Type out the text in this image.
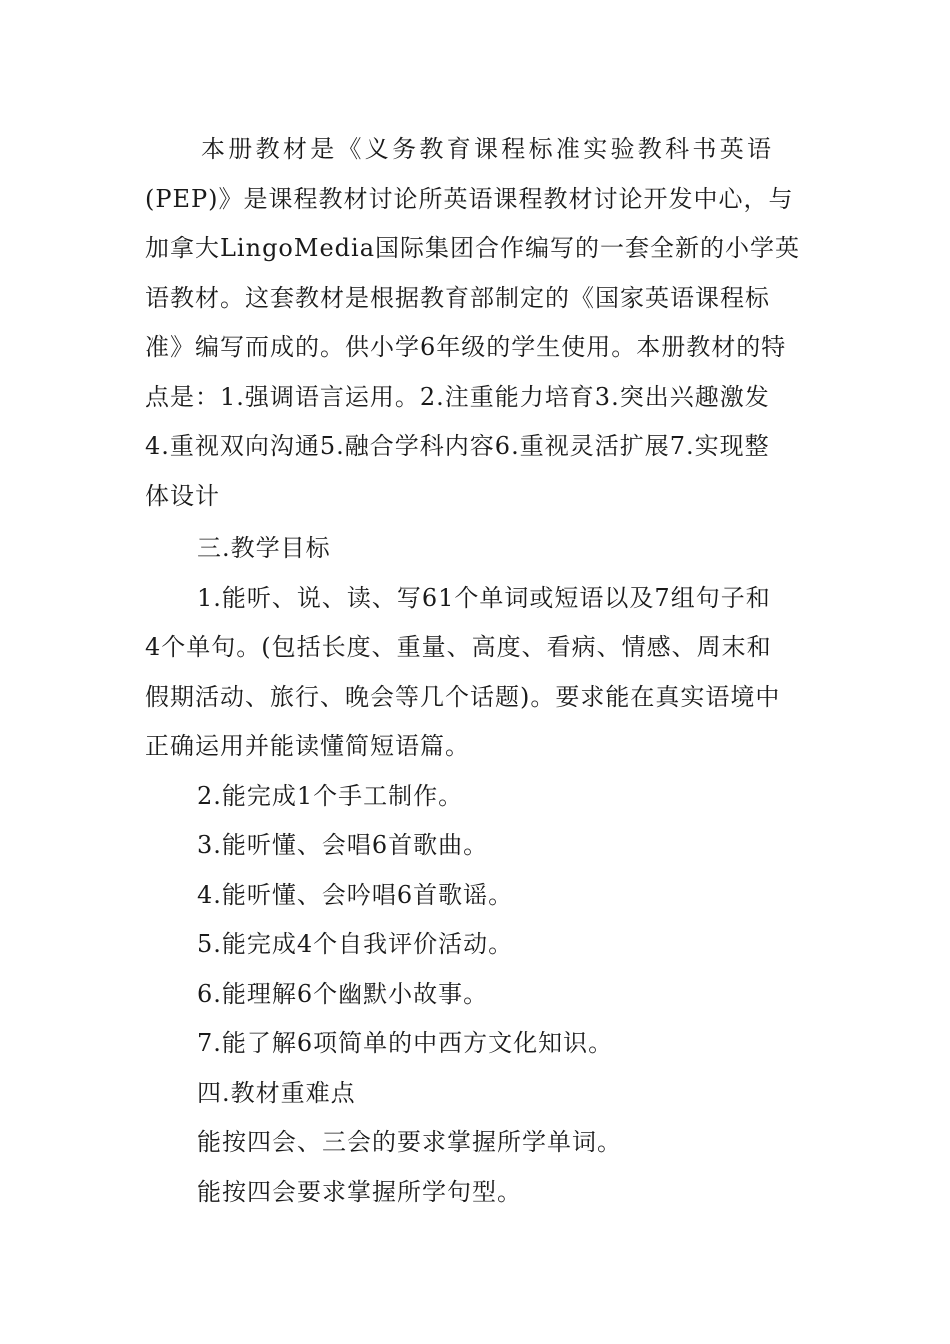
本册教材是《义务教育课程标准实验教科书英语
(PEP)》是课程教材讨论所英语课程教材讨论开发中心，与
加拿大LingoMedia国际集团合作编写的一套全新的小学英
语教材。这套教材是根据教育部制定的《国家英语课程标
准》编写而成的。供小学6年级的学生使用。本册教材的特
点是：1.强调语言运用。2.注重能力培育3.突出兴趣激发
4.重视双向沟通5.融合学科内容6.重视灵活扩展7.实现整
体设计

三.教学目标

1.能听、说、读、写61个单词或短语以及7组句子和
4个单句。(包括长度、重量、高度、看病、情感、周末和
假期活动、旅行、晚会等几个话题)。要求能在真实语境中
正确运用并能读懂简短语篇。

2.能完成1个手工制作。

3.能听懂、会唱6首歌曲。

4.能听懂、会吟唱6首歌谣。

5.能完成4个自我评价活动。

6.能理解6个幽默小故事。

7.能了解6项简单的中西方文化知识。

四.教材重难点

能按四会、三会的要求掌握所学单词。

能按四会要求掌握所学句型。
